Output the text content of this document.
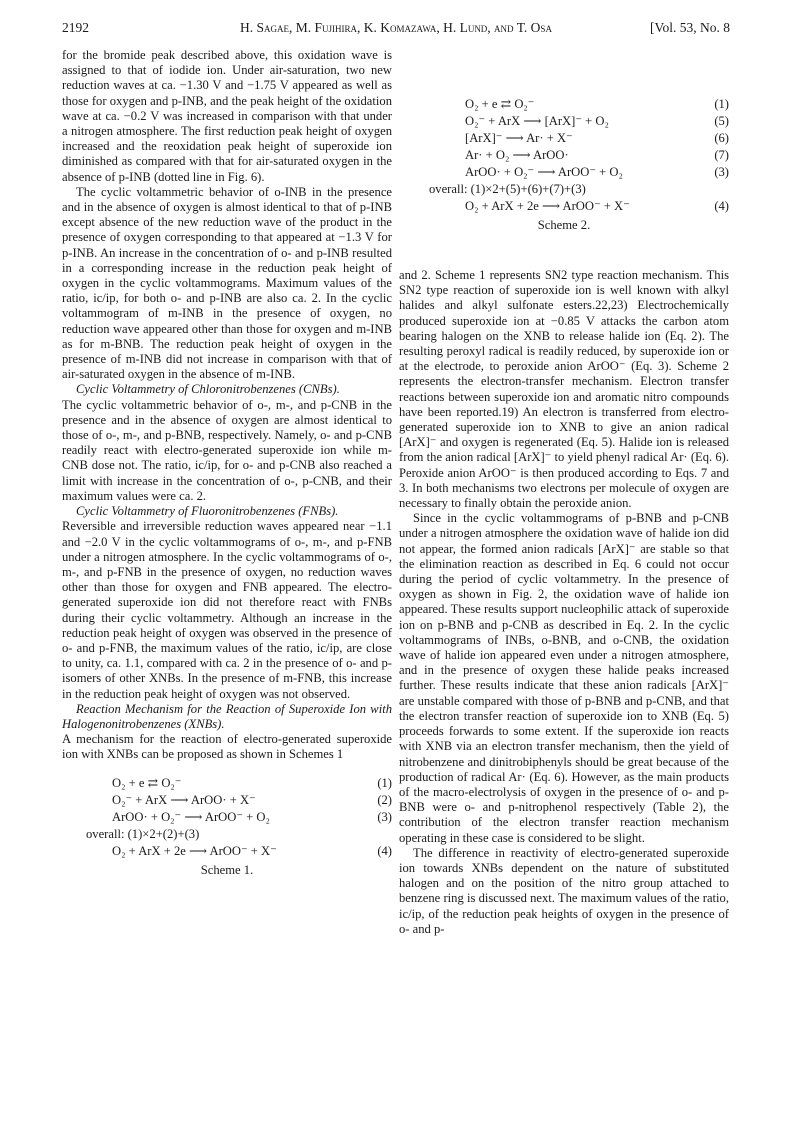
2192	H. Sagae, M. Fujihira, K. Komazawa, H. Lund, and T. Osa	[Vol. 53, No. 8

for the bromide peak described above, this oxidation wave is assigned to that of iodide ion. Under air-saturation, two new reduction waves at ca. −1.30 V and −1.75 V appeared as well as those for oxygen and p-INB, and the peak height of the oxidation wave at ca. −0.2 V was increased in comparison with that under a nitrogen atmosphere. The first reduction peak height of oxygen increased and the reoxidation peak height of superoxide ion diminished as compared with that for air-saturated oxygen in the absence of p-INB (dotted line in Fig. 6).

The cyclic voltammetric behavior of o-INB in the presence and in the absence of oxygen is almost identical to that of p-INB except absence of the new reduction wave of the product in the presence of oxygen corresponding to that appeared at −1.3 V for p-INB. An increase in the concentration of o- and p-INB resulted in a corresponding increase in the reduction peak height of oxygen in the cyclic voltammograms. Maximum values of the ratio, ic/ip, for both o- and p-INB are also ca. 2. In the cyclic voltammogram of m-INB in the presence of oxygen, no reduction wave appeared other than those for oxygen and m-INB as for m-BNB. The reduction peak height of oxygen in the presence of m-INB did not increase in comparison with that of air-saturated oxygen in the absence of m-INB.

Cyclic Voltammetry of Chloronitrobenzenes (CNBs).

The cyclic voltammetric behavior of o-, m-, and p-CNB in the presence and in the absence of oxygen are almost identical to those of o-, m-, and p-BNB, respectively. Namely, o- and p-CNB readily react with electro-generated superoxide ion while m-CNB dose not. The ratio, ic/ip, for o- and p-CNB also reached a limit with increase in the concentration of o-, p-CNB, and their maximum values were ca. 2.

Cyclic Voltammetry of Fluoronitrobenzenes (FNBs).

Reversible and irreversible reduction waves appeared near −1.1 and −2.0 V in the cyclic voltammograms of o-, m-, and p-FNB under a nitrogen atmosphere. In the cyclic voltammograms of o-, m-, and p-FNB in the presence of oxygen, no reduction waves other than those for oxygen and FNB appeared. The electro-generated superoxide ion did not therefore react with FNBs during their cyclic voltammetry. Although an increase in the reduction peak height of oxygen was observed in the presence of o- and p-FNB, the maximum values of the ratio, ic/ip, are close to unity, ca. 1.1, compared with ca. 2 in the presence of o- and p-isomers of other XNBs. In the presence of m-FNB, this increase in the reduction peak height of oxygen was not observed.

Reaction Mechanism for the Reaction of Superoxide Ion with Halogenonitrobenzenes (XNBs).

A mechanism for the reaction of electro-generated superoxide ion with XNBs can be proposed as shown in Schemes 1

O₂ + e ⇄ O₂⁻	(1)
O₂⁻ + ArX ⟶ ArOO· + X⁻	(2)
ArOO· + O₂⁻ ⟶ ArOO⁻ + O₂	(3)
overall: (1)×2+(2)+(3)
O₂ + ArX + 2e ⟶ ArOO⁻ + X⁻	(4)
Scheme 1.
O₂ + e ⇄ O₂⁻	(1)
O₂⁻ + ArX ⟶ [ArX]⁻ + O₂	(5)
[ArX]⁻ ⟶ Ar· + X⁻	(6)
Ar· + O₂ ⟶ ArOO·	(7)
ArOO· + O₂⁻ ⟶ ArOO⁻ + O₂	(3)
overall: (1)×2+(5)+(6)+(7)+(3)
O₂ + ArX + 2e ⟶ ArOO⁻ + X⁻	(4)
Scheme 2.

and 2. Scheme 1 represents SN2 type reaction mechanism. This SN2 type reaction of superoxide ion is well known with alkyl halides and alkyl sulfonate esters.22,23) Electrochemically produced superoxide ion at −0.85 V attacks the carbon atom bearing halogen on the XNB to release halide ion (Eq. 2). The resulting peroxyl radical is readily reduced, by superoxide ion or at the electrode, to peroxide anion ArOO⁻ (Eq. 3). Scheme 2 represents the electron-transfer mechanism. Electron transfer reactions between superoxide ion and aromatic nitro compounds have been reported.19) An electron is transferred from electro-generated superoxide ion to XNB to give an anion radical [ArX]⁻ and oxygen is regenerated (Eq. 5). Halide ion is released from the anion radical [ArX]⁻ to yield phenyl radical Ar· (Eq. 6). Peroxide anion ArOO⁻ is then produced according to Eqs. 7 and 3. In both mechanisms two electrons per molecule of oxygen are necessary to finally obtain the peroxide anion.

Since in the cyclic voltammograms of p-BNB and p-CNB under a nitrogen atmosphere the oxidation wave of halide ion did not appear, the formed anion radicals [ArX]⁻ are stable so that the elimination reaction as described in Eq. 6 could not occur during the period of cyclic voltammetry. In the presence of oxygen as shown in Fig. 2, the oxidation wave of halide ion appeared. These results support nucleophilic attack of superoxide ion on p-BNB and p-CNB as described in Eq. 2. In the cyclic voltammograms of INBs, o-BNB, and o-CNB, the oxidation wave of halide ion appeared even under a nitrogen atmosphere, and in the presence of oxygen these halide peaks increased further. These results indicate that these anion radicals [ArX]⁻ are unstable compared with those of p-BNB and p-CNB, and that the electron transfer reaction of superoxide ion to XNB (Eq. 5) proceeds forwards to some extent. If the superoxide ion reacts with XNB via an electron transfer mechanism, then the yield of nitrobenzene and dinitrobiphenyls should be great because of the production of radical Ar· (Eq. 6). However, as the main products of the macro-electrolysis of oxygen in the presence of o- and p-BNB were o- and p-nitrophenol respectively (Table 2), the contribution of the electron transfer reaction mechanism operating in these case is considered to be slight.

The difference in reactivity of electro-generated superoxide ion towards XNBs dependent on the nature of substituted halogen and on the position of the nitro group attached to benzene ring is discussed next. The maximum values of the ratio, ic/ip, of the reduction peak heights of oxygen in the presence of o- and p-
